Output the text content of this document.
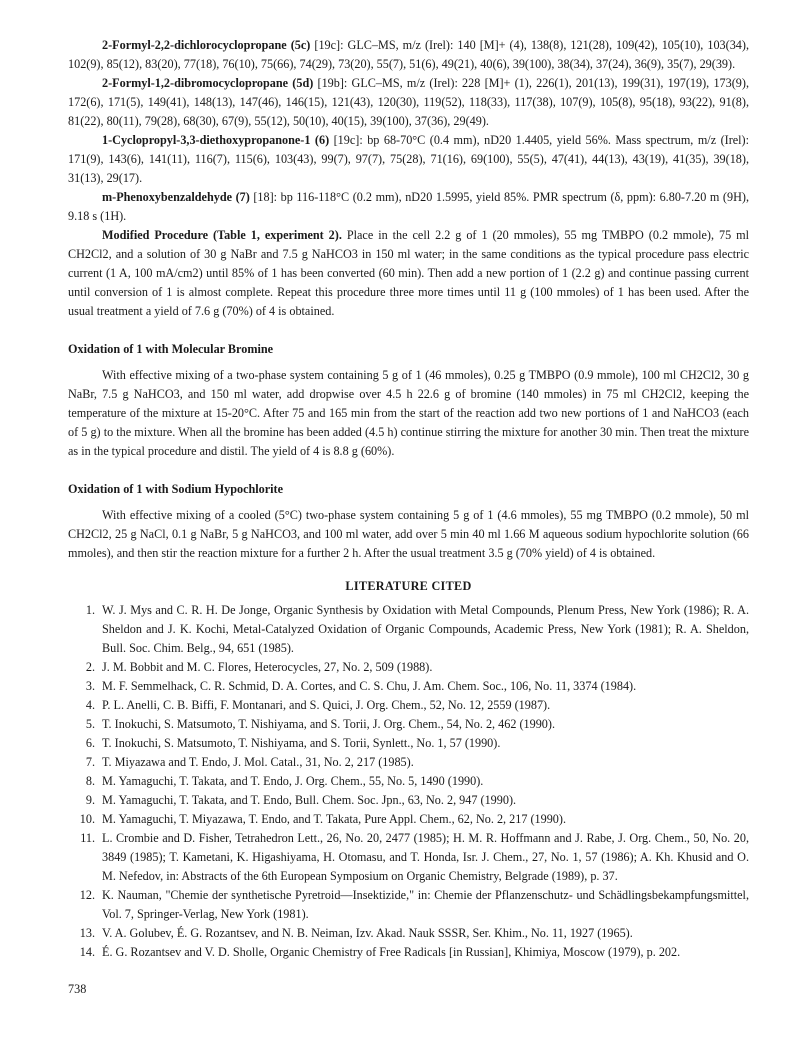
2-Formyl-2,2-dichlorocyclopropane (5c) [19c]: GLC–MS, m/z (Irel): 140 [M]+ (4), 138(8), 121(28), 109(42), 105(10), 103(34), 102(9), 85(12), 83(20), 77(18), 76(10), 75(66), 74(29), 73(20), 55(7), 51(6), 49(21), 40(6), 39(100), 38(34), 37(24), 36(9), 35(7), 29(39).

2-Formyl-1,2-dibromocyclopropane (5d) [19b]: GLC–MS, m/z (Irel): 228 [M]+ (1), 226(1), 201(13), 199(31), 197(19), 173(9), 172(6), 171(5), 149(41), 148(13), 147(46), 146(15), 121(43), 120(30), 119(52), 118(33), 117(38), 107(9), 105(8), 95(18), 93(22), 91(8), 81(22), 80(11), 79(28), 68(30), 67(9), 55(12), 50(10), 40(15), 39(100), 37(36), 29(49).

1-Cyclopropyl-3,3-diethoxypropanone-1 (6) [19c]: bp 68-70°C (0.4 mm), nD20 1.4405, yield 56%. Mass spectrum, m/z (Irel): 171(9), 143(6), 141(11), 116(7), 115(6), 103(43), 99(7), 97(7), 75(28), 71(16), 69(100), 55(5), 47(41), 44(13), 43(19), 41(35), 39(18), 31(13), 29(17).

m-Phenoxybenzaldehyde (7) [18]: bp 116-118°C (0.2 mm), nD20 1.5995, yield 85%. PMR spectrum (δ, ppm): 6.80-7.20 m (9H), 9.18 s (1H).

Modified Procedure (Table 1, experiment 2). Place in the cell 2.2 g of 1 (20 mmoles), 55 mg TMBPO (0.2 mmole), 75 ml CH2Cl2, and a solution of 30 g NaBr and 7.5 g NaHCO3 in 150 ml water; in the same conditions as the typical procedure pass electric current (1 A, 100 mA/cm2) until 85% of 1 has been converted (60 min). Then add a new portion of 1 (2.2 g) and continue passing current until conversion of 1 is almost complete. Repeat this procedure three more times until 11 g (100 mmoles) of 1 has been used. After the usual treatment a yield of 7.6 g (70%) of 4 is obtained.

Oxidation of 1 with Molecular Bromine

With effective mixing of a two-phase system containing 5 g of 1 (46 mmoles), 0.25 g TMBPO (0.9 mmole), 100 ml CH2Cl2, 30 g NaBr, 7.5 g NaHCO3, and 150 ml water, add dropwise over 4.5 h 22.6 g of bromine (140 mmoles) in 75 ml CH2Cl2, keeping the temperature of the mixture at 15-20°C. After 75 and 165 min from the start of the reaction add two new portions of 1 and NaHCO3 (each of 5 g) to the mixture. When all the bromine has been added (4.5 h) continue stirring the mixture for another 30 min. Then treat the mixture as in the typical procedure and distil. The yield of 4 is 8.8 g (60%).

Oxidation of 1 with Sodium Hypochlorite

With effective mixing of a cooled (5°C) two-phase system containing 5 g of 1 (4.6 mmoles), 55 mg TMBPO (0.2 mmole), 50 ml CH2Cl2, 25 g NaCl, 0.1 g NaBr, 5 g NaHCO3, and 100 ml water, add over 5 min 40 ml 1.66 M aqueous sodium hypochlorite solution (66 mmoles), and then stir the reaction mixture for a further 2 h. After the usual treatment 3.5 g (70% yield) of 4 is obtained.

LITERATURE CITED

1. W. J. Mys and C. R. H. De Jonge, Organic Synthesis by Oxidation with Metal Compounds, Plenum Press, New York (1986); R. A. Sheldon and J. K. Kochi, Metal-Catalyzed Oxidation of Organic Compounds, Academic Press, New York (1981); R. A. Sheldon, Bull. Soc. Chim. Belg., 94, 651 (1985).
2. J. M. Bobbit and M. C. Flores, Heterocycles, 27, No. 2, 509 (1988).
3. M. F. Semmelhack, C. R. Schmid, D. A. Cortes, and C. S. Chu, J. Am. Chem. Soc., 106, No. 11, 3374 (1984).
4. P. L. Anelli, C. B. Biffi, F. Montanari, and S. Quici, J. Org. Chem., 52, No. 12, 2559 (1987).
5. T. Inokuchi, S. Matsumoto, T. Nishiyama, and S. Torii, J. Org. Chem., 54, No. 2, 462 (1990).
6. T. Inokuchi, S. Matsumoto, T. Nishiyama, and S. Torii, Synlett., No. 1, 57 (1990).
7. T. Miyazawa and T. Endo, J. Mol. Catal., 31, No. 2, 217 (1985).
8. M. Yamaguchi, T. Takata, and T. Endo, J. Org. Chem., 55, No. 5, 1490 (1990).
9. M. Yamaguchi, T. Takata, and T. Endo, Bull. Chem. Soc. Jpn., 63, No. 2, 947 (1990).
10. M. Yamaguchi, T. Miyazawa, T. Endo, and T. Takata, Pure Appl. Chem., 62, No. 2, 217 (1990).
11. L. Crombie and D. Fisher, Tetrahedron Lett., 26, No. 20, 2477 (1985); H. M. R. Hoffmann and J. Rabe, J. Org. Chem., 50, No. 20, 3849 (1985); T. Kametani, K. Higashiyama, H. Otomasu, and T. Honda, Isr. J. Chem., 27, No. 1, 57 (1986); A. Kh. Khusid and O. M. Nefedov, in: Abstracts of the 6th European Symposium on Organic Chemistry, Belgrade (1989), p. 37.
12. K. Nauman, "Chemie der synthetische Pyretroid—Insektizide," in: Chemie der Pflanzenschutz- und Schädlingsbekampfungsmittel, Vol. 7, Springer-Verlag, New York (1981).
13. V. A. Golubev, É. G. Rozantsev, and N. B. Neiman, Izv. Akad. Nauk SSSR, Ser. Khim., No. 11, 1927 (1965).
14. É. G. Rozantsev and V. D. Sholle, Organic Chemistry of Free Radicals [in Russian], Khimiya, Moscow (1979), p. 202.
738
